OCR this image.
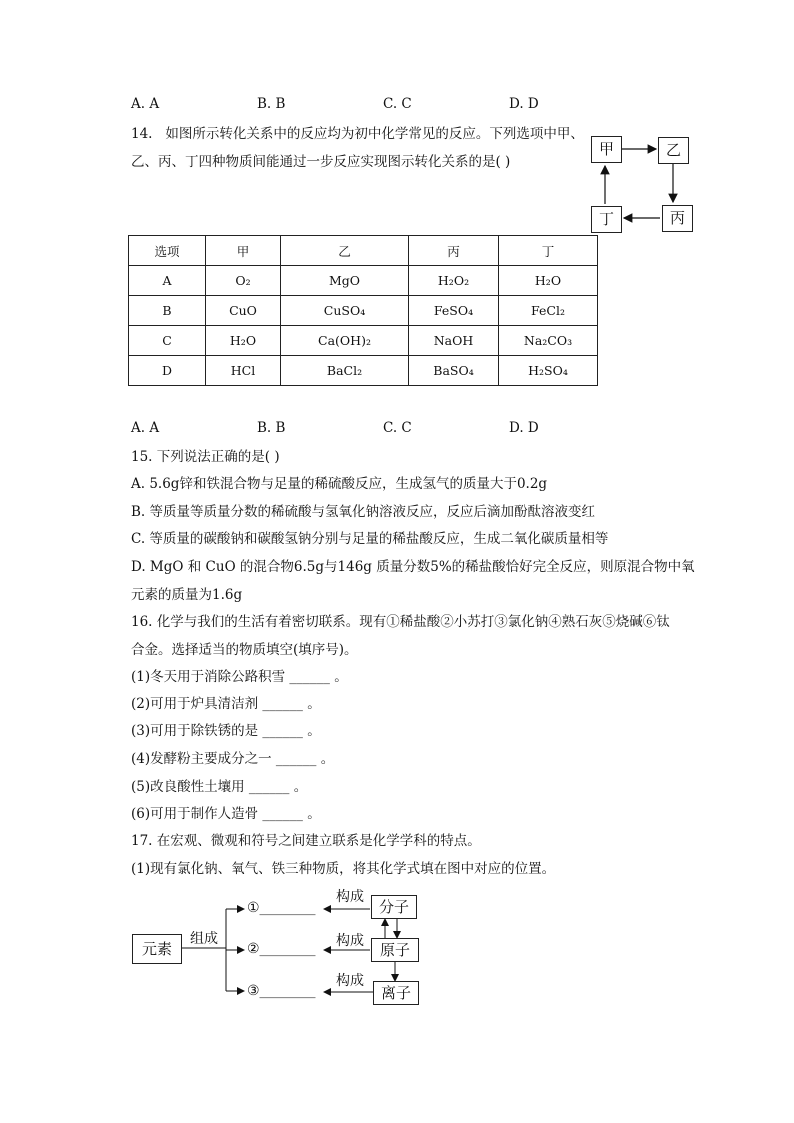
A. A	B. B	C. C	D. D
14. 如图所示转化关系中的反应均为初中化学常见的反应。下列选项中甲、
乙、丙、丁四种物质间能通过一步反应实现图示转化关系的是( )
甲	乙
丙
丁
选项	甲	乙	丙	丁
A	O₂	MgO	H₂O₂	H₂O
B	CuO	CuSO₄	FeSO₄	FeCl₂
C	H₂O	Ca(OH)₂	NaOH	Na₂CO₃
D	HCl	BaCl₂	BaSO₄	H₂SO₄
A. A	B. B	C. C	D. D
15. 下列说法正确的是( )
A. 5.6g锌和铁混合物与足量的稀硫酸反应，生成氢气的质量大于0.2g
B. 等质量等质量分数的稀硫酸与氢氧化钠溶液反应，反应后滴加酚酞溶液变红
C. 等质量的碳酸钠和碳酸氢钠分别与足量的稀盐酸反应，生成二氧化碳质量相等
D. MgO 和 CuO 的混合物6.5g与146g 质量分数5%的稀盐酸恰好完全反应，则原混合物中氧
元素的质量为1.6g
16. 化学与我们的生活有着密切联系。现有①稀盐酸②小苏打③氯化钠④熟石灰⑤烧碱⑥钛
合金。选择适当的物质填空(填序号)。
(1)冬天用于消除公路积雪 ______ 。
(2)可用于炉具清洁剂 ______ 。
(3)可用于除铁锈的是 ______ 。
(4)发酵粉主要成分之一 ______ 。
(5)改良酸性土壤用 ______ 。
(6)可用于制作人造骨 ______ 。
17. 在宏观、微观和符号之间建立联系是化学学科的特点。
(1)现有氯化钠、氧气、铁三种物质，将其化学式填在图中对应的位置。
元素
组成
①________
②________
③________
构成
构成
构成
分子
原子
离子
